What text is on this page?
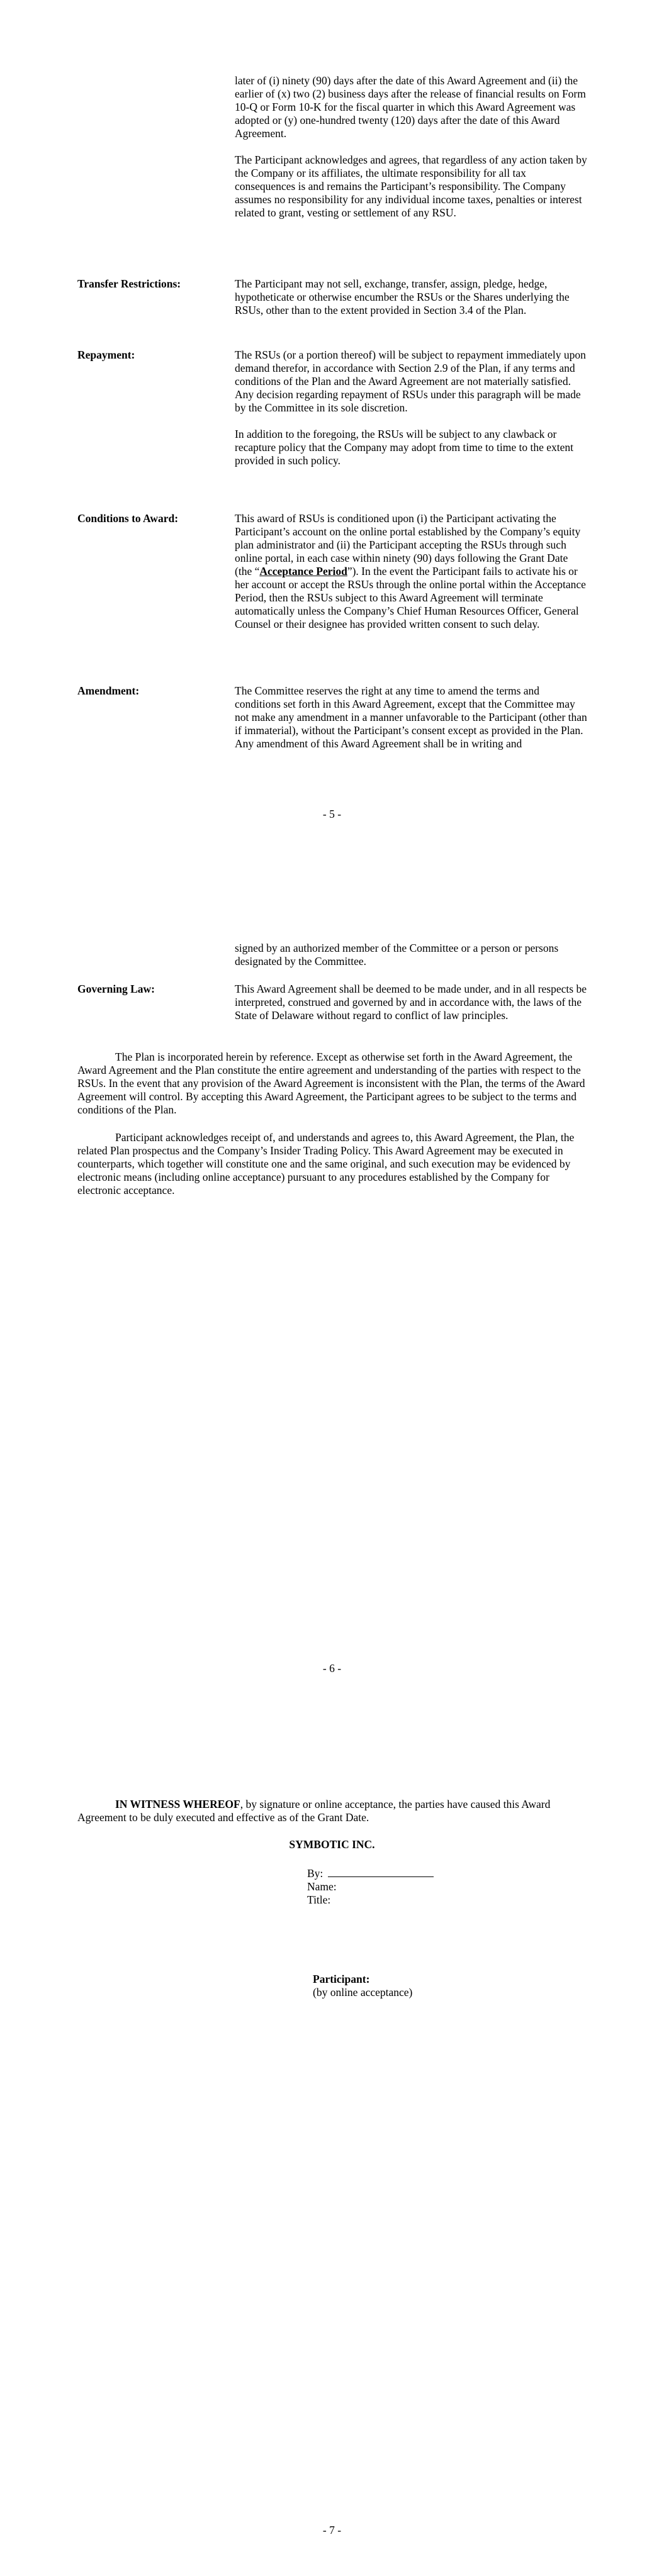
later of (i) ninety (90) days after the date of this Award Agreement and (ii) the earlier of (x) two (2) business days after the release of financial results on Form 10-Q or Form 10-K for the fiscal quarter in which this Award Agreement was adopted or (y) one-hundred twenty (120) days after the date of this Award Agreement.

The Participant acknowledges and agrees, that regardless of any action taken by the Company or its affiliates, the ultimate responsibility for all tax consequences is and remains the Participant’s responsibility. The Company assumes no responsibility for any individual income taxes, penalties or interest related to grant, vesting or settlement of any RSU.

Transfer Restrictions:	The Participant may not sell, exchange, transfer, assign, pledge, hedge, hypotheticate or otherwise encumber the RSUs or the Shares underlying the RSUs, other than to the extent provided in Section 3.4 of the Plan.

Repayment:	The RSUs (or a portion thereof) will be subject to repayment immediately upon demand therefor, in accordance with Section 2.9 of the Plan, if any terms and conditions of the Plan and the Award Agreement are not materially satisfied. Any decision regarding repayment of RSUs under this paragraph will be made by the Committee in its sole discretion.

In addition to the foregoing, the RSUs will be subject to any clawback or recapture policy that the Company may adopt from time to time to the extent provided in such policy.

Conditions to Award:	This award of RSUs is conditioned upon (i) the Participant activating the Participant’s account on the online portal established by the Company’s equity plan administrator and (ii) the Participant accepting the RSUs through such online portal, in each case within ninety (90) days following the Grant Date (the “Acceptance Period”). In the event the Participant fails to activate his or her account or accept the RSUs through the online portal within the Acceptance Period, then the RSUs subject to this Award Agreement will terminate automatically unless the Company’s Chief Human Resources Officer, General Counsel or their designee has provided written consent to such delay.

Amendment:	The Committee reserves the right at any time to amend the terms and conditions set forth in this Award Agreement, except that the Committee may not make any amendment in a manner unfavorable to the Participant (other than if immaterial), without the Participant’s consent except as provided in the Plan. Any amendment of this Award Agreement shall be in writing and

- 5 -

signed by an authorized member of the Committee or a person or persons designated by the Committee.

Governing Law:	This Award Agreement shall be deemed to be made under, and in all respects be interpreted, construed and governed by and in accordance with, the laws of the State of Delaware without regard to conflict of law principles.

The Plan is incorporated herein by reference. Except as otherwise set forth in the Award Agreement, the Award Agreement and the Plan constitute the entire agreement and understanding of the parties with respect to the RSUs. In the event that any provision of the Award Agreement is inconsistent with the Plan, the terms of the Award Agreement will control. By accepting this Award Agreement, the Participant agrees to be subject to the terms and conditions of the Plan.
Participant acknowledges receipt of, and understands and agrees to, this Award Agreement, the Plan, the related Plan prospectus and the Company’s Insider Trading Policy. This Award Agreement may be executed in counterparts, which together will constitute one and the same original, and such execution may be evidenced by electronic means (including online acceptance) pursuant to any procedures established by the Company for electronic acceptance.
- 6 -
IN WITNESS WHEREOF, by signature or online acceptance, the parties have caused this Award Agreement to be duly executed and effective as of the Grant Date.
SYMBOTIC INC.
By:
Name:
Title:
Participant:
(by online acceptance)
- 7 -
